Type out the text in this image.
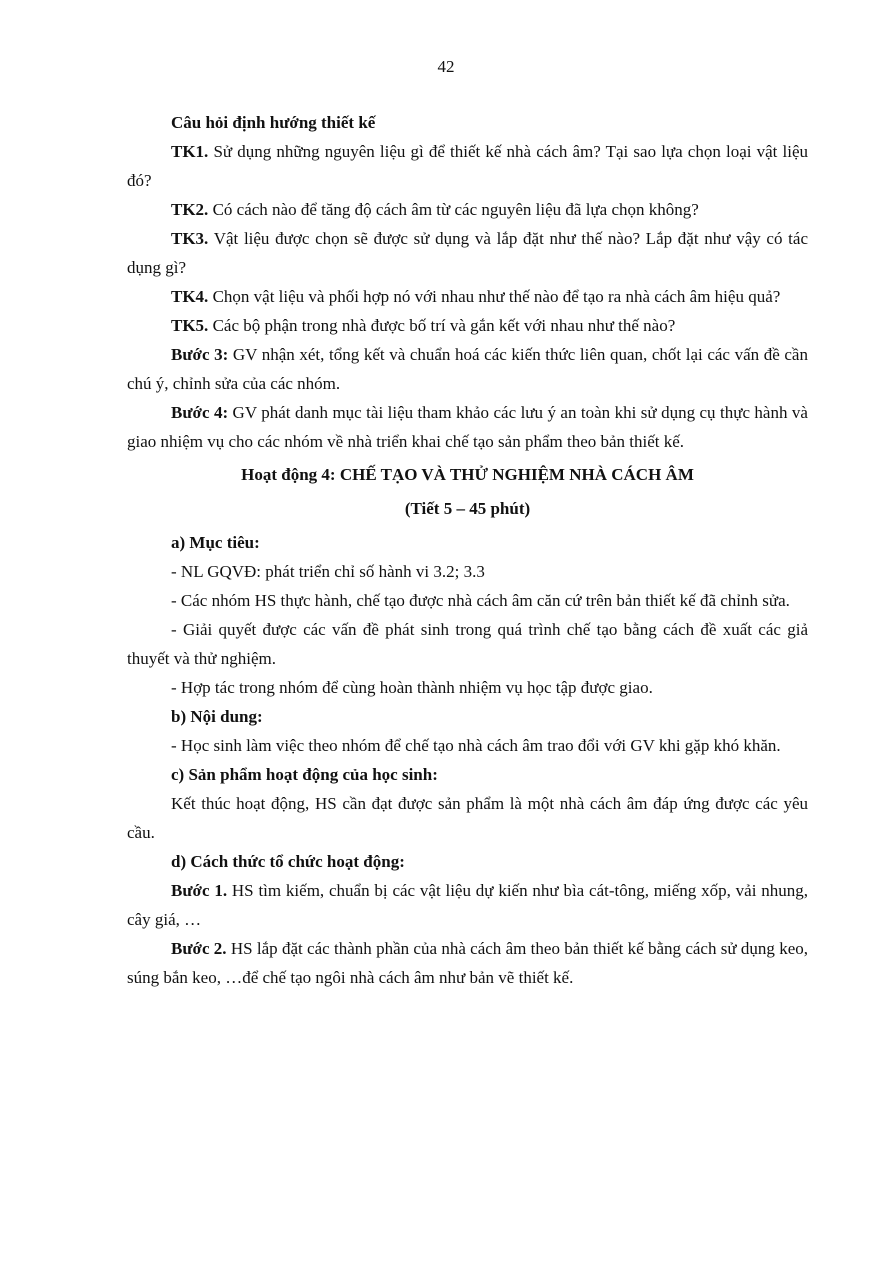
42

Câu hỏi định hướng thiết kế

TK1. Sử dụng những nguyên liệu gì để thiết kế nhà cách âm? Tại sao lựa chọn loại vật liệu đó?

TK2. Có cách nào để tăng độ cách âm từ các nguyên liệu đã lựa chọn không?

TK3. Vật liệu được chọn sẽ được sử dụng và lắp đặt như thế nào? Lắp đặt như vậy có tác dụng gì?

TK4. Chọn vật liệu và phối hợp nó với nhau như thế nào để tạo ra nhà cách âm hiệu quả?

TK5. Các bộ phận trong nhà được bố trí và gắn kết với nhau như thế nào?

Bước 3: GV nhận xét, tổng kết và chuẩn hoá các kiến thức liên quan, chốt lại các vấn đề cần chú ý, chỉnh sửa của các nhóm.

Bước 4: GV phát danh mục tài liệu tham khảo các lưu ý an toàn khi sử dụng cụ thực hành và giao nhiệm vụ cho các nhóm về nhà triển khai chế tạo sản phẩm theo bản thiết kế.

Hoạt động 4: CHẾ TẠO VÀ THỬ NGHIỆM NHÀ CÁCH ÂM

(Tiết 5 – 45 phút)

a) Mục tiêu:

- NL GQVĐ: phát triển chỉ số hành vi 3.2; 3.3

- Các nhóm HS thực hành, chế tạo được nhà cách âm căn cứ trên bản thiết kế đã chỉnh sửa.

- Giải quyết được các vấn đề phát sinh trong quá trình chế tạo bằng cách đề xuất các giả thuyết và thử nghiệm.

- Hợp tác trong nhóm để cùng hoàn thành nhiệm vụ học tập được giao.

b) Nội dung:

- Học sinh làm việc theo nhóm để chế tạo nhà cách âm trao đổi với GV khi gặp khó khăn.

c) Sản phẩm hoạt động của học sinh:

Kết thúc hoạt động, HS cần đạt được sản phẩm là một nhà cách âm đáp ứng được các yêu cầu.

d) Cách thức tổ chức hoạt động:

Bước 1. HS tìm kiếm, chuẩn bị các vật liệu dự kiến như bìa cát-tông, miếng xốp, vải nhung, cây giá, …

Bước 2. HS lắp đặt các thành phần của nhà cách âm theo bản thiết kế bằng cách sử dụng keo, súng bắn keo, …để chế tạo ngôi nhà cách âm như bản vẽ thiết kế.
